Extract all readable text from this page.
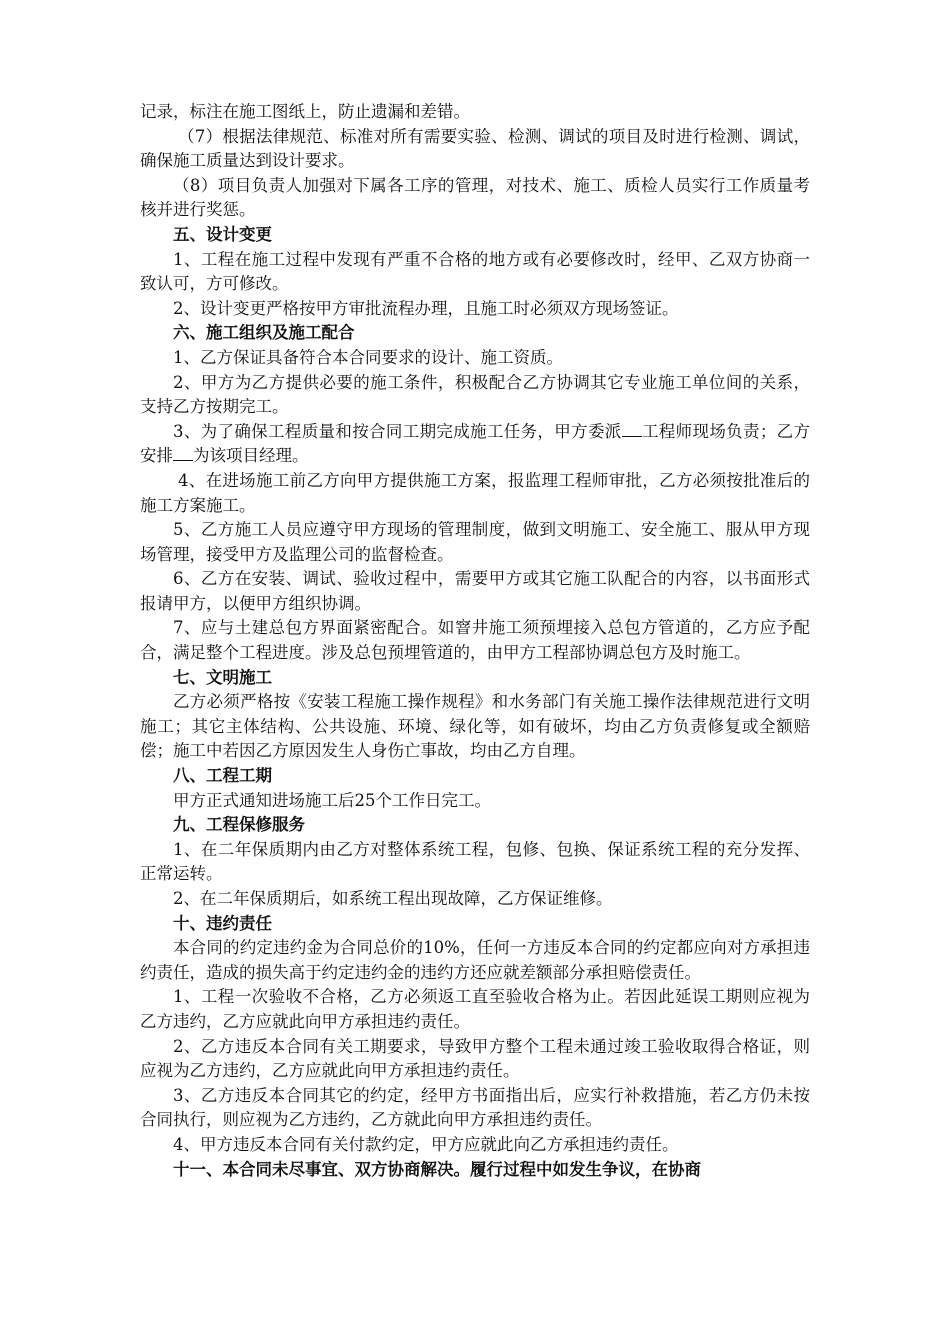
记录，标注在施工图纸上，防止遗漏和差错。

（7）根据法律规范、标准对所有需要实验、检测、调试的项目及时进行检测、调试，确保施工质量达到设计要求。

（8）项目负责人加强对下属各工序的管理，对技术、施工、质检人员实行工作质量考核并进行奖惩。

五、设计变更

1、工程在施工过程中发现有严重不合格的地方或有必要修改时，经甲、乙双方协商一致认可，方可修改。

2、设计变更严格按甲方审批流程办理，且施工时必须双方现场签证。

六、施工组织及施工配合

1、乙方保证具备符合本合同要求的设计、施工资质。

2、甲方为乙方提供必要的施工条件，积极配合乙方协调其它专业施工单位间的关系，支持乙方按期完工。

3、为了确保工程质量和按合同工期完成施工任务，甲方委派 工程师现场负责；乙方安排 为该项目经理。

4、在进场施工前乙方向甲方提供施工方案，报监理工程师审批，乙方必须按批准后的施工方案施工。

5、乙方施工人员应遵守甲方现场的管理制度，做到文明施工、安全施工、服从甲方现场管理，接受甲方及监理公司的监督检查。

6、乙方在安装、调试、验收过程中，需要甲方或其它施工队配合的内容，以书面形式报请甲方，以便甲方组织协调。

7、应与土建总包方界面紧密配合。如窨井施工须预埋接入总包方管道的，乙方应予配合，满足整个工程进度。涉及总包预埋管道的，由甲方工程部协调总包方及时施工。

七、文明施工

乙方必须严格按《安装工程施工操作规程》和水务部门有关施工操作法律规范进行文明施工；其它主体结构、公共设施、环境、绿化等，如有破坏，均由乙方负责修复或全额赔偿；施工中若因乙方原因发生人身伤亡事故，均由乙方自理。

八、工程工期

甲方正式通知进场施工后25个工作日完工。

九、工程保修服务

1、在二年保质期内由乙方对整体系统工程，包修、包换、保证系统工程的充分发挥、正常运转。

2、在二年保质期后，如系统工程出现故障，乙方保证维修。

十、违约责任

本合同的约定违约金为合同总价的10%，任何一方违反本合同的约定都应向对方承担违约责任，造成的损失高于约定违约金的违约方还应就差额部分承担赔偿责任。

1、工程一次验收不合格，乙方必须返工直至验收合格为止。若因此延误工期则应视为乙方违约，乙方应就此向甲方承担违约责任。

2、乙方违反本合同有关工期要求，导致甲方整个工程未通过竣工验收取得合格证，则应视为乙方违约，乙方应就此向甲方承担违约责任。

3、乙方违反本合同其它的约定，经甲方书面指出后，应实行补救措施，若乙方仍未按合同执行，则应视为乙方违约，乙方就此向甲方承担违约责任。

4、甲方违反本合同有关付款约定，甲方应就此向乙方承担违约责任。

十一、本合同未尽事宜、双方协商解决。履行过程中如发生争议，在协商
